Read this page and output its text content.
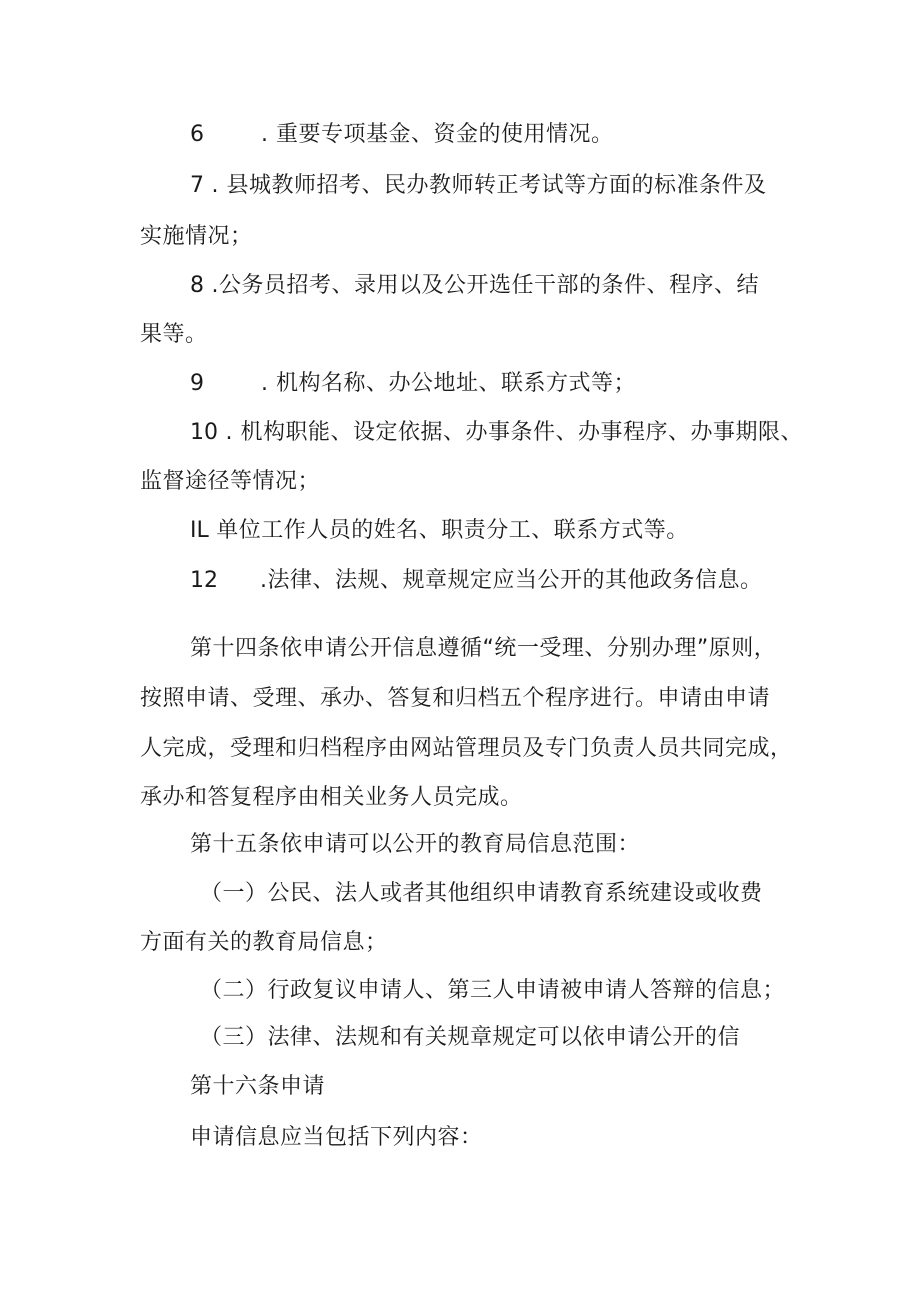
6	. 重要专项基金、资金的使用情况。
7 . 县城教师招考、民办教师转正考试等方面的标准条件及
实施情况；
8 .公务员招考、录用以及公开选任干部的条件、程序、结
果等。
9	. 机构名称、办公地址、联系方式等；
10 . 机构职能、设定依据、办事条件、办事程序、办事期限、
监督途径等情况；
IL 单位工作人员的姓名、职责分工、联系方式等。
12 .法律、法规、规章规定应当公开的其他政务信息。
第十四条依申请公开信息遵循“统一受理、分别办理”原则，
按照申请、受理、承办、答复和归档五个程序进行。申请由申请
人完成，受理和归档程序由网站管理员及专门负责人员共同完成，
承办和答复程序由相关业务人员完成。
第十五条依申请可以公开的教育局信息范围：
（一）公民、法人或者其他组织申请教育系统建设或收费
方面有关的教育局信息；
（二）行政复议申请人、第三人申请被申请人答辩的信息；
（三）法律、法规和有关规章规定可以依申请公开的信
第十六条申请
申请信息应当包括下列内容：
